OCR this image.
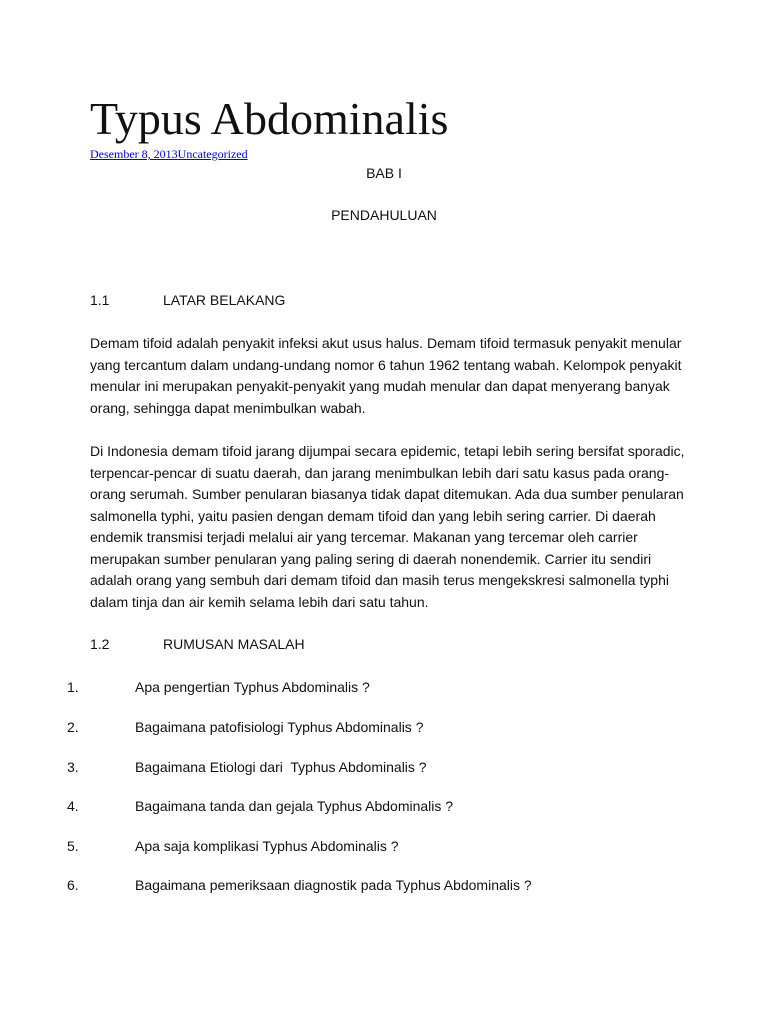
Typus Abdominalis
Desember 8, 2013Uncategorized
BAB I
PENDAHULUAN
1.1	LATAR BELAKANG

Demam tifoid adalah penyakit infeksi akut usus halus. Demam tifoid termasuk penyakit menular yang tercantum dalam undang-undang nomor 6 tahun 1962 tentang wabah. Kelompok penyakit menular ini merupakan penyakit-penyakit yang mudah menular dan dapat menyerang banyak orang, sehingga dapat menimbulkan wabah.

Di Indonesia demam tifoid jarang dijumpai secara epidemic, tetapi lebih sering bersifat sporadic, terpencar-pencar di suatu daerah, dan jarang menimbulkan lebih dari satu kasus pada orang-orang serumah. Sumber penularan biasanya tidak dapat ditemukan. Ada dua sumber penularan salmonella typhi, yaitu pasien dengan demam tifoid dan yang lebih sering carrier. Di daerah endemik transmisi terjadi melalui air yang tercemar. Makanan yang tercemar oleh carrier merupakan sumber penularan yang paling sering di daerah nonendemik. Carrier itu sendiri adalah orang yang sembuh dari demam tifoid dan masih terus mengekskresi salmonella typhi dalam tinja dan air kemih selama lebih dari satu tahun.

1.2	RUMUSAN MASALAH
1.	Apa pengertian Typhus Abdominalis ?
2.	Bagaimana patofisiologi Typhus Abdominalis ?
3.	Bagaimana Etiologi dari  Typhus Abdominalis ?
4.	Bagaimana tanda dan gejala Typhus Abdominalis ?
5.	Apa saja komplikasi Typhus Abdominalis ?
6.	Bagaimana pemeriksaan diagnostik pada Typhus Abdominalis ?
